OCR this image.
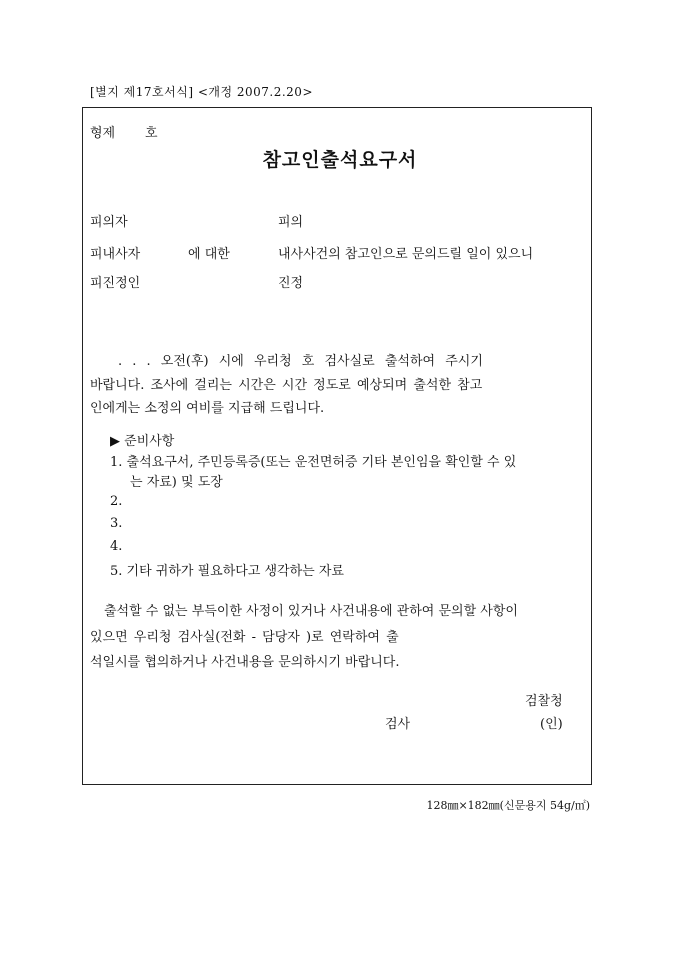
[별지 제17호서식] <개정 2007.2.20>
형제 호
참고인출석요구서
피의자	피의
피내사자	에 대한	내사사건의 참고인으로 문의드릴 일이 있으니
피진정인	진정
. . . 오전(후) 시에 우리청 호 검사실로 출석하여 주시기
바랍니다. 조사에 걸리는 시간은 시간 정도로 예상되며 출석한 참고
인에게는 소정의 여비를 지급해 드립니다.
▶ 준비사항
1. 출석요구서, 주민등록증(또는 운전면허증 기타 본인임을 확인할 수 있
는 자료) 및 도장
2.
3.
4.
5. 기타 귀하가 필요하다고 생각하는 자료
출석할 수 없는 부득이한 사정이 있거나 사건내용에 관하여 문의할 사항이
있으면 우리청 검사실(전화 - 담당자 )로 연락하여 출
석일시를 협의하거나 사건내용을 문의하시기 바랍니다.
검찰청
검사	(인)
128㎜×182㎜(신문용지 54g/㎡)
